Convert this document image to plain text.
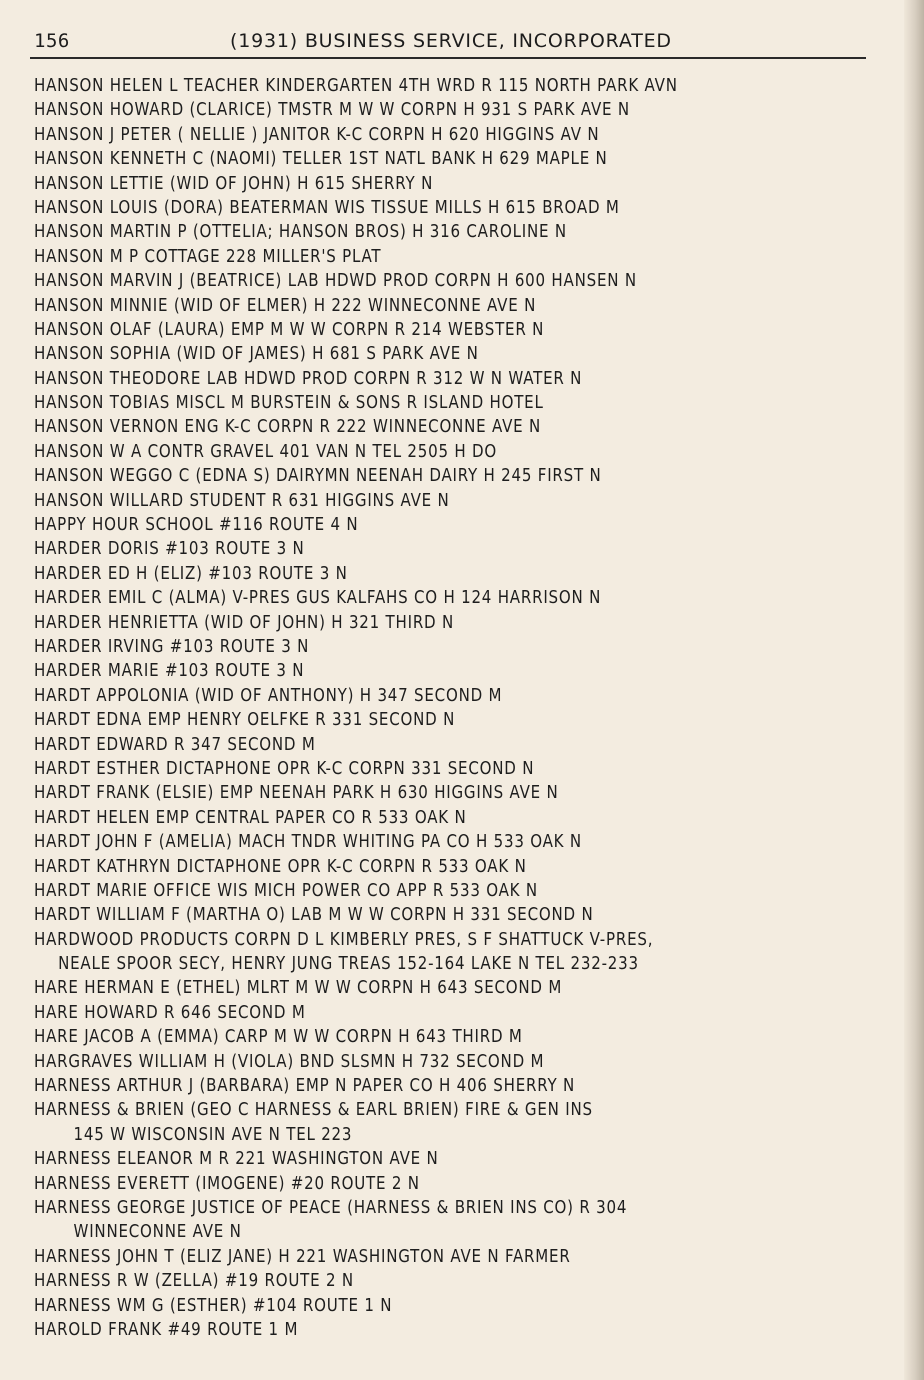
156	(1931) BUSINESS SERVICE, INCORPORATED
HANSON HELEN L TEACHER KINDERGARTEN 4TH WRD R 115 NORTH PARK AVN
HANSON HOWARD (CLARICE) TMSTR M W W CORPN H 931 S PARK AVE N
HANSON J PETER ( NELLIE ) JANITOR K-C CORPN H 620 HIGGINS AV N
HANSON KENNETH C (NAOMI) TELLER 1ST NATL BANK H 629 MAPLE N
HANSON LETTIE (WID OF JOHN) H 615 SHERRY N
HANSON LOUIS (DORA) BEATERMAN WIS TISSUE MILLS H 615 BROAD M
HANSON MARTIN P (OTTELIA; HANSON BROS) H 316 CAROLINE N
HANSON M P COTTAGE 228 MILLER'S PLAT
HANSON MARVIN J (BEATRICE) LAB HDWD PROD CORPN H 600 HANSEN N
HANSON MINNIE (WID OF ELMER) H 222 WINNECONNE AVE N
HANSON OLAF (LAURA) EMP M W W CORPN R 214 WEBSTER N
HANSON SOPHIA (WID OF JAMES) H 681 S PARK AVE N
HANSON THEODORE LAB HDWD PROD CORPN R 312 W N WATER N
HANSON TOBIAS MISCL M BURSTEIN & SONS R ISLAND HOTEL
HANSON VERNON ENG K-C CORPN R 222 WINNECONNE AVE N
HANSON W A CONTR GRAVEL 401 VAN N TEL 2505 H DO
HANSON WEGGO C (EDNA S) DAIRYMN NEENAH DAIRY H 245 FIRST N
HANSON WILLARD STUDENT R 631 HIGGINS AVE N
HAPPY HOUR SCHOOL #116 ROUTE 4 N
HARDER DORIS #103 ROUTE 3 N
HARDER ED H (ELIZ) #103 ROUTE 3 N
HARDER EMIL C (ALMA) V-PRES GUS KALFAHS CO H 124 HARRISON N
HARDER HENRIETTA (WID OF JOHN) H 321 THIRD N
HARDER IRVING #103 ROUTE 3 N
HARDER MARIE #103 ROUTE 3 N
HARDT APPOLONIA (WID OF ANTHONY) H 347 SECOND M
HARDT EDNA EMP HENRY OELFKE R 331 SECOND N
HARDT EDWARD R 347 SECOND M
HARDT ESTHER DICTAPHONE OPR K-C CORPN 331 SECOND N
HARDT FRANK (ELSIE) EMP NEENAH PARK H 630 HIGGINS AVE N
HARDT HELEN EMP CENTRAL PAPER CO R 533 OAK N
HARDT JOHN F (AMELIA) MACH TNDR WHITING PA CO H 533 OAK N
HARDT KATHRYN DICTAPHONE OPR K-C CORPN R 533 OAK N
HARDT MARIE OFFICE WIS MICH POWER CO APP R 533 OAK N
HARDT WILLIAM F (MARTHA O) LAB M W W CORPN H 331 SECOND N
HARDWOOD PRODUCTS CORPN D L KIMBERLY PRES, S F SHATTUCK V-PRES,
NEALE SPOOR SECY, HENRY JUNG TREAS 152-164 LAKE N TEL 232-233
HARE HERMAN E (ETHEL) MLRT M W W CORPN H 643 SECOND M
HARE HOWARD R 646 SECOND M
HARE JACOB A (EMMA) CARP M W W CORPN H 643 THIRD M
HARGRAVES WILLIAM H (VIOLA) BND SLSMN H 732 SECOND M
HARNESS ARTHUR J (BARBARA) EMP N PAPER CO H 406 SHERRY N
HARNESS & BRIEN (GEO C HARNESS & EARL BRIEN) FIRE & GEN INS
145 W WISCONSIN AVE N TEL 223
HARNESS ELEANOR M R 221 WASHINGTON AVE N
HARNESS EVERETT (IMOGENE) #20 ROUTE 2 N
HARNESS GEORGE JUSTICE OF PEACE (HARNESS & BRIEN INS CO) R 304
WINNECONNE AVE N
HARNESS JOHN T (ELIZ JANE) H 221 WASHINGTON AVE N FARMER
HARNESS R W (ZELLA) #19 ROUTE 2 N
HARNESS WM G (ESTHER) #104 ROUTE 1 N
HAROLD FRANK #49 ROUTE 1 M
